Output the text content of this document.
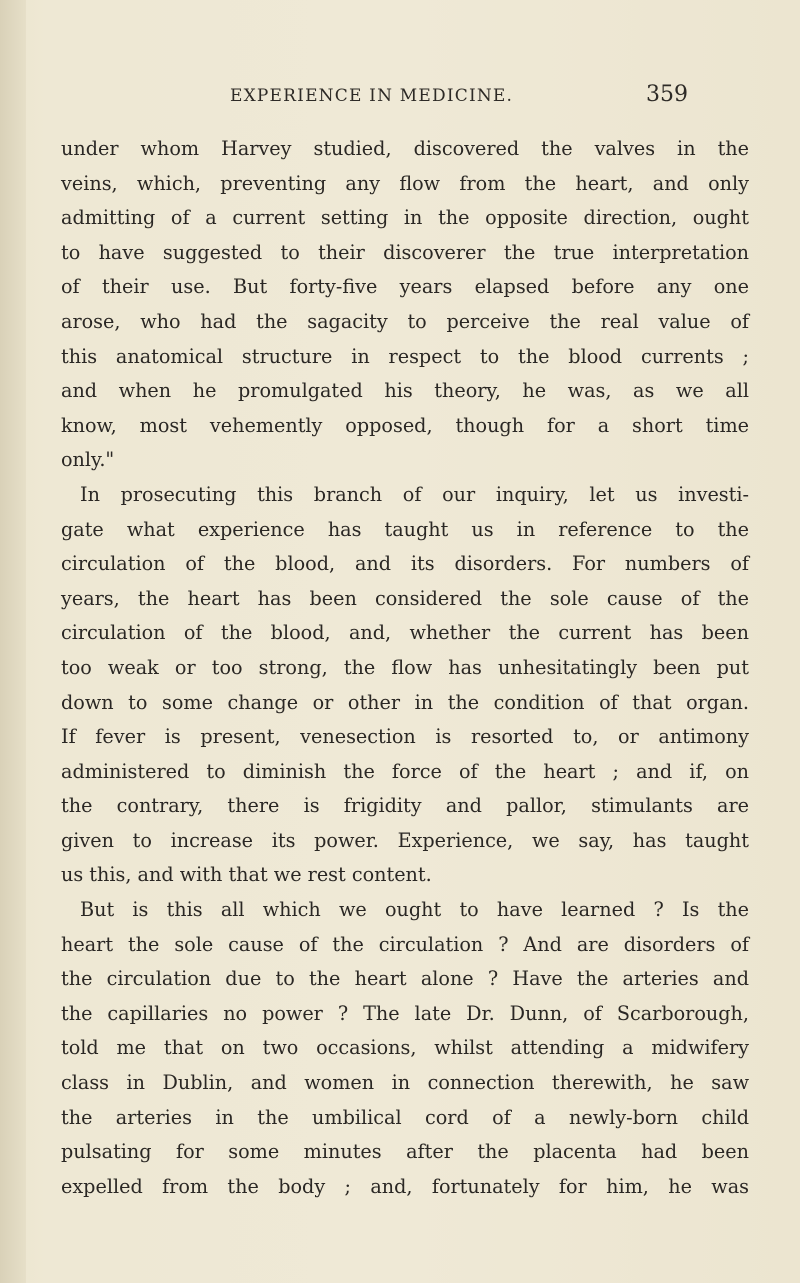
EXPERIENCE IN MEDICINE.	359
under whom Harvey studied, discovered the valves in the
veins, which, preventing any flow from the heart, and only
admitting of a current setting in the opposite direction, ought
to have suggested to their discoverer the true interpretation
of their use. But forty-five years elapsed before any one
arose, who had the sagacity to perceive the real value of
this anatomical structure in respect to the blood currents ;
and when he promulgated his theory, he was, as we all
know, most vehemently opposed, though for a short time
only."
In prosecuting this branch of our inquiry, let us investi-
gate what experience has taught us in reference to the
circulation of the blood, and its disorders. For numbers of
years, the heart has been considered the sole cause of the
circulation of the blood, and, whether the current has been
too weak or too strong, the flow has unhesitatingly been put
down to some change or other in the condition of that organ.
If fever is present, venesection is resorted to, or antimony
administered to diminish the force of the heart ; and if, on
the contrary, there is frigidity and pallor, stimulants are
given to increase its power. Experience, we say, has taught
us this, and with that we rest content.
But is this all which we ought to have learned ? Is the
heart the sole cause of the circulation ? And are disorders of
the circulation due to the heart alone ? Have the arteries and
the capillaries no power ? The late Dr. Dunn, of Scarborough,
told me that on two occasions, whilst attending a midwifery
class in Dublin, and women in connection therewith, he saw
the arteries in the umbilical cord of a newly-born child
pulsating for some minutes after the placenta had been
expelled from the body ; and, fortunately for him, he was
